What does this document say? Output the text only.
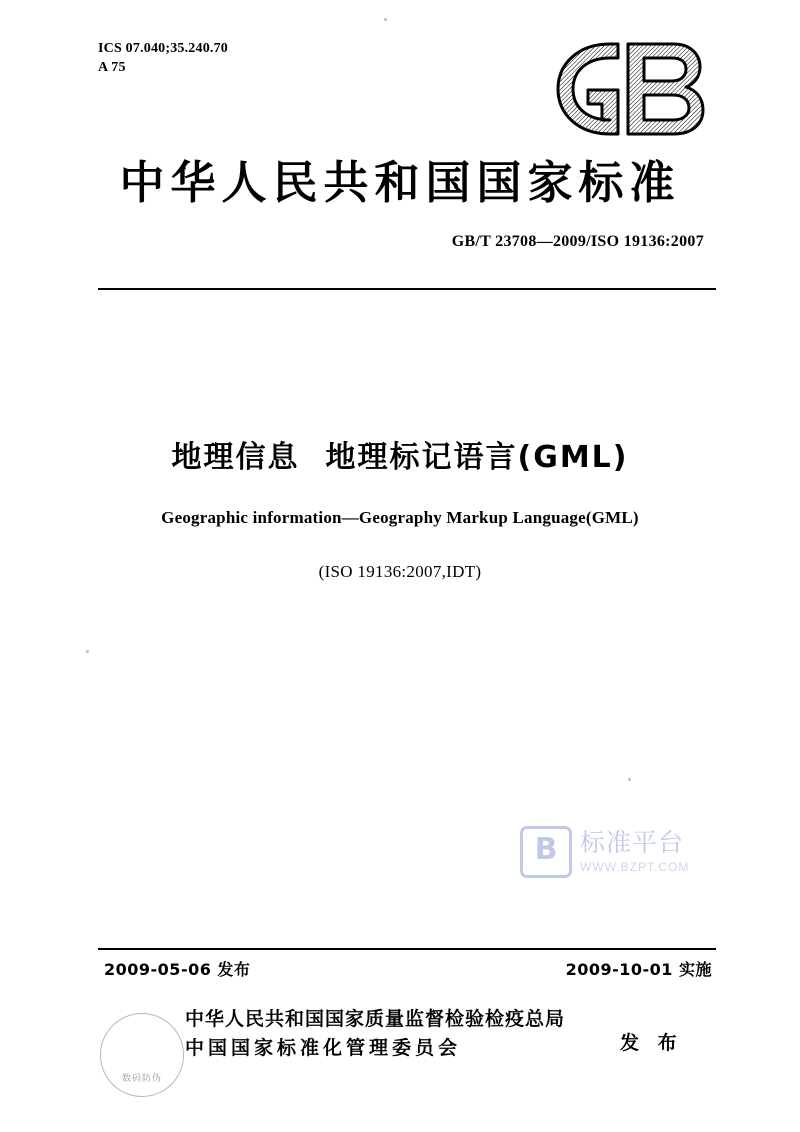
ICS 07.040;35.240.70
A 75
中华人民共和国国家标准
GB/T 23708—2009/ISO 19136:2007
地理信息 地理标记语言(GML)
Geographic information—Geography Markup Language(GML)
(ISO 19136:2007,IDT)
B 标准平台
WWW.BZPT.COM
2009-05-06 发布	2009-10-01 实施
中华人民共和国国家质量监督检验检疫总局
中国国家标准化管理委员会	发 布
数码防伪
